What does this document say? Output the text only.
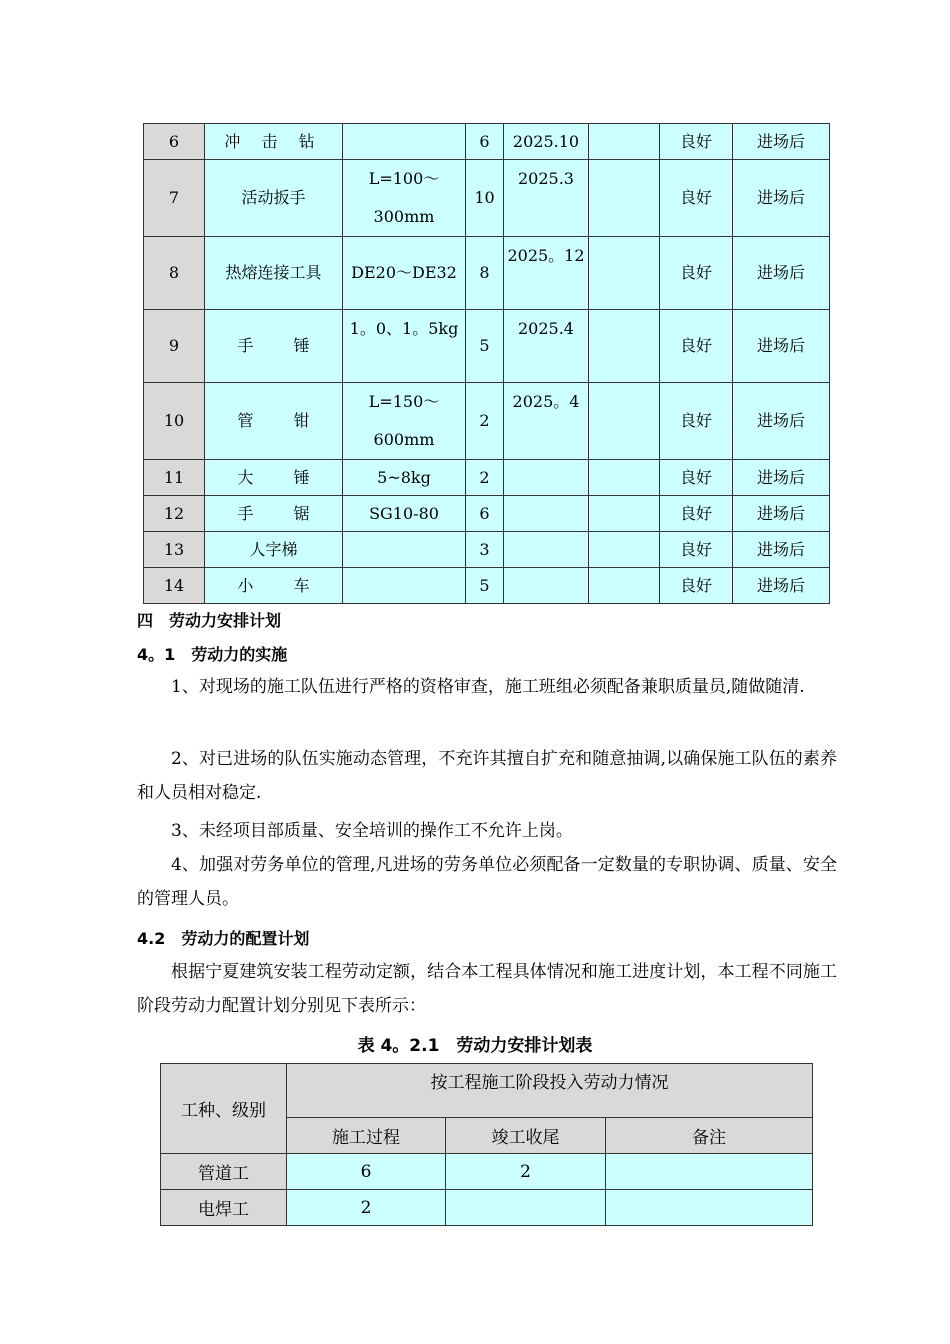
6	冲 击 钻		6	2025.10		良好	进场后
7	活动扳手	L=100～300mm	10	2025.3		良好	进场后
8	热熔连接工具	DE20～DE32	8	2025。12		良好	进场后
9	手 锤	1。0、1。5kg	5	2025.4		良好	进场后
10	管 钳	L=150～600mm	2	2025。4		良好	进场后
11	大 锤	5~8kg	2			良好	进场后
12	手 锯	SG10-80	6			良好	进场后
13	人字梯		3			良好	进场后
14	小 车		5			良好	进场后
四　劳动力安排计划
4。1　劳动力的实施
1、对现场的施工队伍进行严格的资格审查，施工班组必须配备兼职质量员,随做随清.
2、对已进场的队伍实施动态管理，不充许其擅自扩充和随意抽调,以确保施工队伍的素养和人员相对稳定.
3、未经项目部质量、安全培训的操作工不允许上岗。
4、加强对劳务单位的管理,凡进场的劳务单位必须配备一定数量的专职协调、质量、安全的管理人员。
4.2　劳动力的配置计划
根据宁夏建筑安装工程劳动定额，结合本工程具体情况和施工进度计划，本工程不同施工阶段劳动力配置计划分别见下表所示：
表 4。2.1　劳动力安排计划表
工种、级别	按工程施工阶段投入劳动力情况		
	施工过程	竣工收尾	备注
管道工	6	2	
电焊工	2		
